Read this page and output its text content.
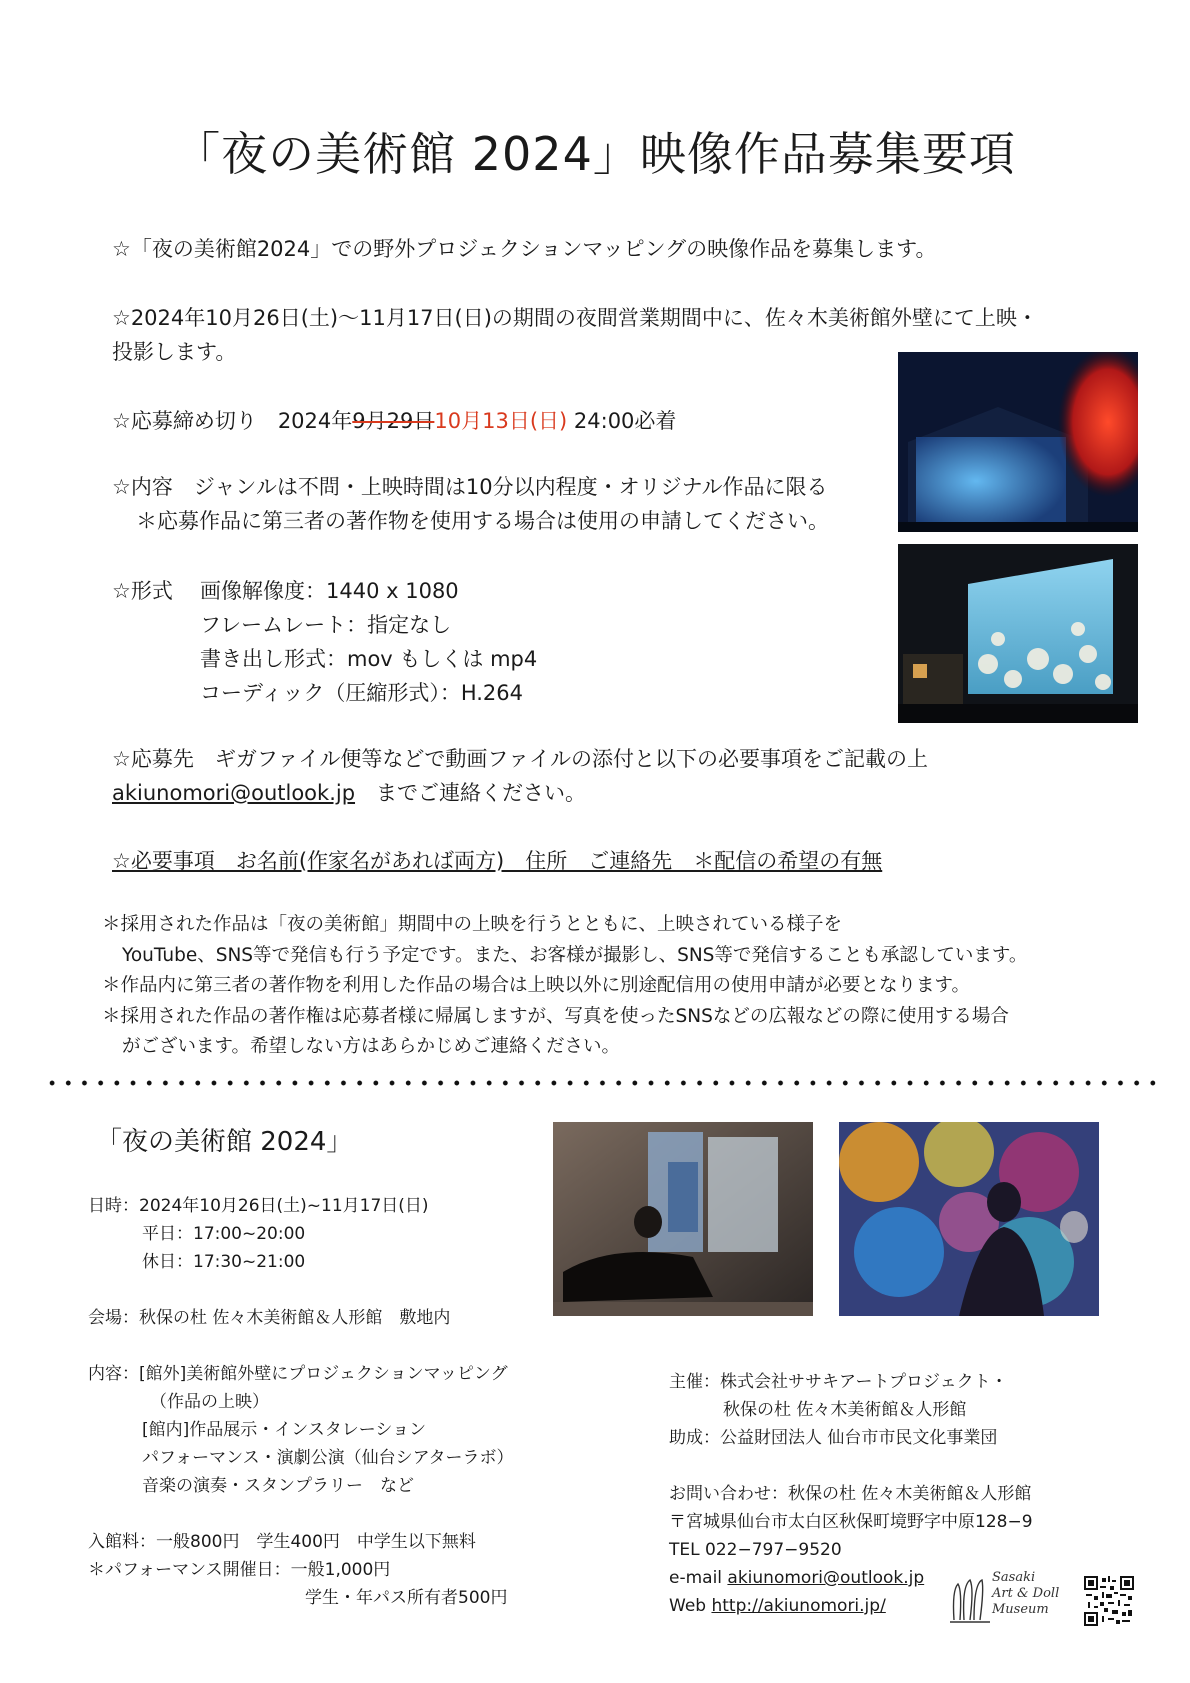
「夜の美術館 2024」映像作品募集要項
☆「夜の美術館2024」での野外プロジェクションマッピングの映像作品を募集します。
☆2024年10月26日(土)〜11月17日(日)の期間の夜間営業期間中に、佐々木美術館外壁にて上映・
投影します。
☆応募締め切り　2024年9月29日10月13日(日) 24:00必着
☆内容　ジャンルは不問・上映時間は10分以内程度・オリジナル作品に限る
＊応募作品に第三者の著作物を使用する場合は使用の申請してください。
☆形式 画像解像度：1440 x 1080
フレームレート：指定なし
書き出し形式：mov もしくは mp4
コーディック（圧縮形式）：H.264
☆応募先　ギガファイル便等などで動画ファイルの添付と以下の必要事項をご記載の上
akiunomori@outlook.jp　までご連絡ください。
☆必要事項　お名前(作家名があれば両方)　住所　ご連絡先　＊配信の希望の有無
＊採用された作品は「夜の美術館」期間中の上映を行うとともに、上映されている様子を
YouTube、SNS等で発信も行う予定です。また、お客様が撮影し、SNS等で発信することも承認しています。
＊作品内に第三者の著作物を利用した作品の場合は上映以外に別途配信用の使用申請が必要となります。
＊採用された作品の著作権は応募者様に帰属しますが、写真を使ったSNSなどの広報などの際に使用する場合
がございます。希望しない方はあらかじめご連絡ください。
「夜の美術館 2024」
日時：2024年10月26日(土)~11月17日(日)
平日：17:00~20:00
休日：17:30~21:00
会場：秋保の杜 佐々木美術館＆人形館　敷地内
内容：[館外]美術館外壁にプロジェクションマッピング
（作品の上映）
[館内]作品展示・インスタレーション
パフォーマンス・演劇公演（仙台シアターラボ）
音楽の演奏・スタンプラリー　など
入館料：一般800円　学生400円　中学生以下無料
＊パフォーマンス開催日：一般1,000円
学生・年パス所有者500円
主催：株式会社ササキアートプロジェクト・
秋保の杜 佐々木美術館＆人形館
助成：公益財団法人 仙台市市民文化事業団
お問い合わせ：秋保の杜 佐々木美術館＆人形館
〒宮城県仙台市太白区秋保町境野字中原128−9
TEL 022−797−9520
e-mail akiunomori@outlook.jp
Web http://akiunomori.jp/
Sasaki
Art & Doll
Museum
